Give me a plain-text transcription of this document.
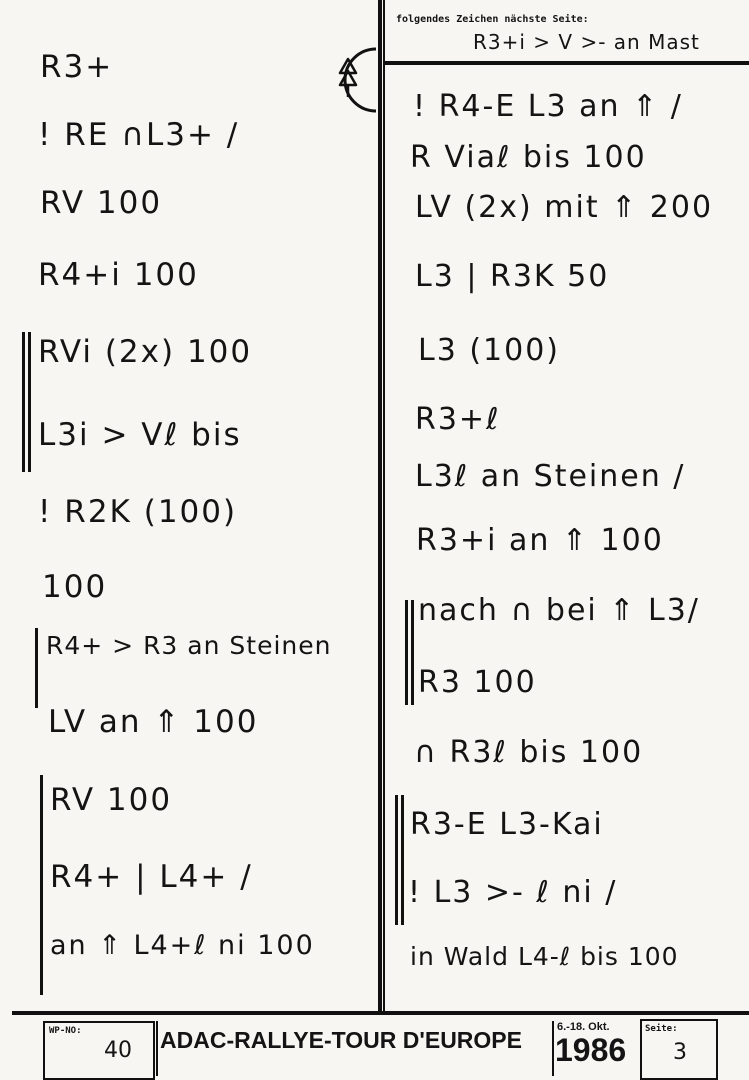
folgendes Zeichen nächste Seite:
R3+i > V >- an Mast
R3+
! RE ∩L3+ /
RV 100
R4+i 100
RVi (2x) 100
L3i > Vℓ bis
! R2K (100)
100
R4+ > R3 an Steinen
LV an ⇑ 100
RV 100
R4+ | L4+ /
an ⇑ L4+ℓ ni 100
! R4-E L3 an ⇑ /
R Viaℓ bis 100
LV (2x) mit ⇑ 200
L3 | R3K 50
L3 (100)
R3+ℓ
L3ℓ an Steinen /
R3+i an ⇑ 100
nach ∩ bei ⇑ L3/
R3 100
∩ R3ℓ bis 100
R3-E L3-Kai
! L3 >- ℓ ni /
in Wald L4-ℓ bis 100
WP-NO:
40 ADAC-RALLYE-TOUR D'EUROPE	6.-18. Okt.
1986
Seite:
3
